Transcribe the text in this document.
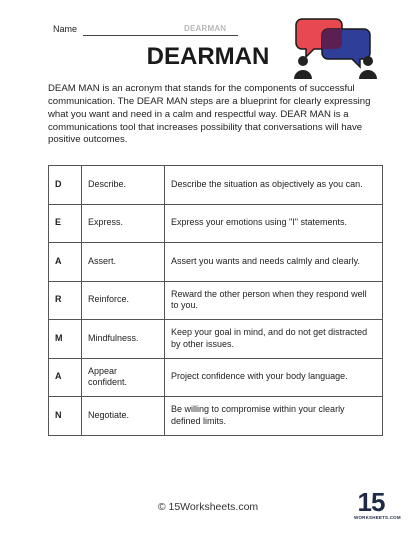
Name	DEARMAN
DEARMAN
DEAM MAN is an acronym that stands for the components of successful communication. The DEAR MAN steps are a blueprint for clearly expressing what you want and need in a calm and respectful way. DEAR MAN is a communications tool that increases possibility that conversations will have positive outcomes.
D	Describe.	Describe the situation as objectively as you can.
E	Express.	Express your emotions using "I" statements.
A	Assert.	Assert you wants and needs calmly and clearly.
R	Reinforce.	Reward the other person when they respond well to you.
M	Mindfulness.	Keep your goal in mind, and do not get distracted by other issues.
A	Appear confident.	Project confidence with your body language.
N	Negotiate.	Be willing to compromise within your clearly defined limits.
© 15Worksheets.com	15
WORKSHEETS.COM
